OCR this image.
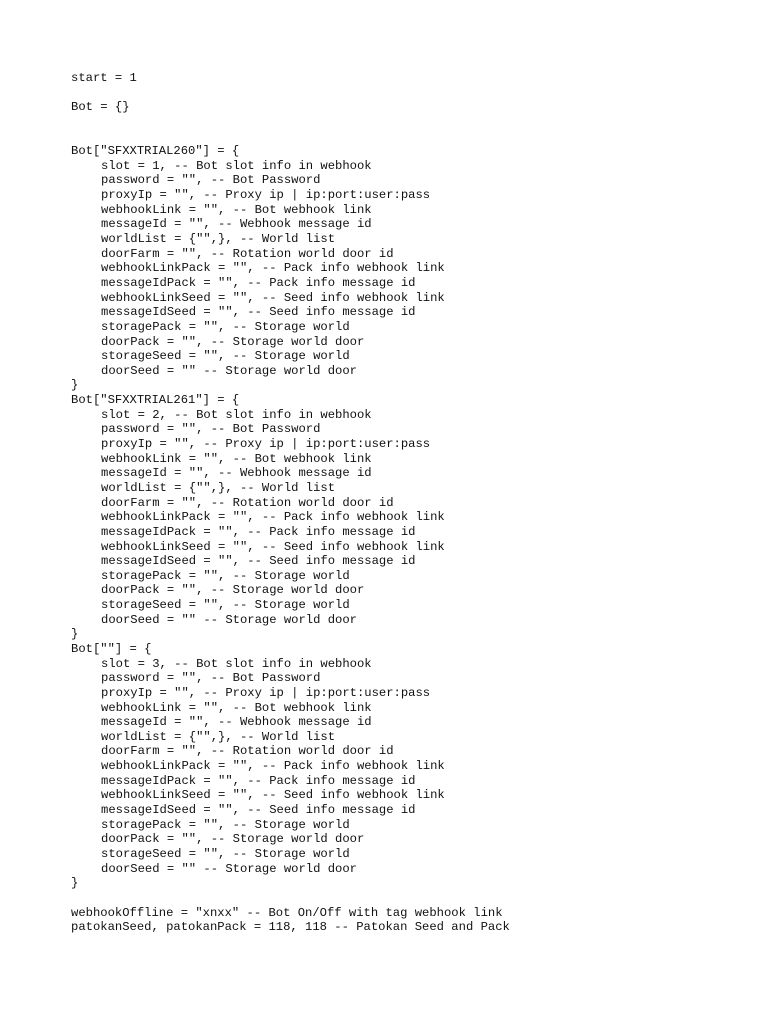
start = 1
Bot = {}
Bot["SFXXTRIAL260"] = {
slot = 1, -- Bot slot info in webhook
password = "", -- Bot Password
proxyIp = "", -- Proxy ip | ip:port:user:pass
webhookLink = "", -- Bot webhook link
messageId = "", -- Webhook message id
worldList = {"",}, -- World list
doorFarm = "", -- Rotation world door id
webhookLinkPack = "", -- Pack info webhook link
messageIdPack = "", -- Pack info message id
webhookLinkSeed = "", -- Seed info webhook link
messageIdSeed = "", -- Seed info message id
storagePack = "", -- Storage world
doorPack = "", -- Storage world door
storageSeed = "", -- Storage world
doorSeed = "" -- Storage world door
}
Bot["SFXXTRIAL261"] = {
slot = 2, -- Bot slot info in webhook
password = "", -- Bot Password
proxyIp = "", -- Proxy ip | ip:port:user:pass
webhookLink = "", -- Bot webhook link
messageId = "", -- Webhook message id
worldList = {"",}, -- World list
doorFarm = "", -- Rotation world door id
webhookLinkPack = "", -- Pack info webhook link
messageIdPack = "", -- Pack info message id
webhookLinkSeed = "", -- Seed info webhook link
messageIdSeed = "", -- Seed info message id
storagePack = "", -- Storage world
doorPack = "", -- Storage world door
storageSeed = "", -- Storage world
doorSeed = "" -- Storage world door
}
Bot[""] = {
slot = 3, -- Bot slot info in webhook
password = "", -- Bot Password
proxyIp = "", -- Proxy ip | ip:port:user:pass
webhookLink = "", -- Bot webhook link
messageId = "", -- Webhook message id
worldList = {"",}, -- World list
doorFarm = "", -- Rotation world door id
webhookLinkPack = "", -- Pack info webhook link
messageIdPack = "", -- Pack info message id
webhookLinkSeed = "", -- Seed info webhook link
messageIdSeed = "", -- Seed info message id
storagePack = "", -- Storage world
doorPack = "", -- Storage world door
storageSeed = "", -- Storage world
doorSeed = "" -- Storage world door
}
webhookOffline = "xnxx" -- Bot On/Off with tag webhook link
patokanSeed, patokanPack = 118, 118 -- Patokan Seed and Pack
